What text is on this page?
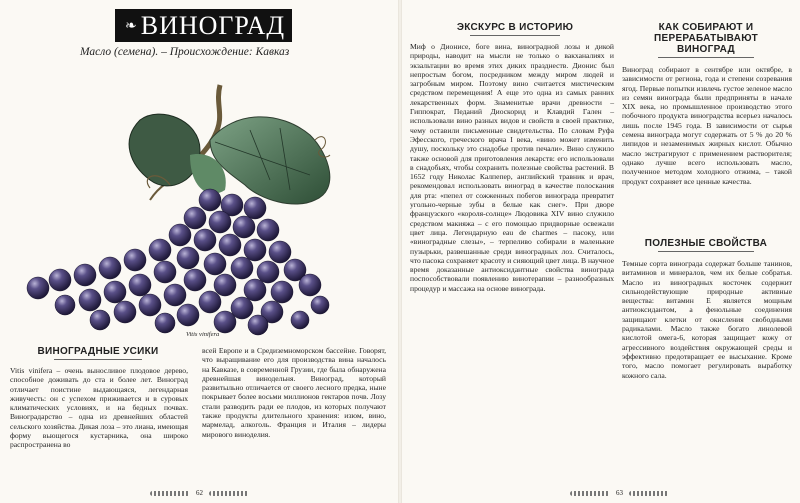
❧ ВИНОГРАД
Масло (семена). – Происхождение: Кавказ
Vitis vinifera
ВИНОГРАДНЫЕ УСИКИ

Vitis vinifera – очень выносливое плодовое дерево, способное доживать до ста и более лет. Виноград отличает поистине выдающаяся, легендарная живучесть: он с успехом приживается и в суровых климатических условиях, и на бедных почвах. Виноградарство – одна из древнейших областей сельского хозяйства. Дикая лоза – это лиана, имеющая форму вьющегося кустарника, она широко распространена во

всей Европе и в Средиземноморском бассейне. Говорят, что выращивание его для производства вина началось на Кавказе, в современной Грузии, где была обнаружена древнейшая винодельня. Виноград, который развитыльно отличается от своего лесного предка, ныне покрывает более восьми миллионов гектаров почв. Лозу стали разводить ради ее плодов, из которых получают также продукты длительного хранения: изюм, вино, мармелад, алкоголь. Франция и Италия – лидеры мирового виноделия.

62
ЭКСКУРС В ИСТОРИЮ

Миф о Дионисе, боге вина, виноградной лозы и дикой природы, наводит на мысли не только о вакханалиях и экзальтации во время этих диких празднеств. Дионис был непростым богом, посредником между миром людей и загробным миром. Поэтому вино считается мистическим средством перемещения! А еще это одна из самых ранних лекарственных форм. Знаменитые врачи древности – Гиппократ, Педаний Диоскорид и Клавдий Гален – использовали вино разных видов и свойств в своей практике, чему оставили письменные свидетельства. По словам Руфа Эфесского, греческого врача I века, «вино может изменить душу, поскольку это снадобье против печали». Вино служило также основой для приготовления лекарств: его использовали в снадобьях, чтобы сохранить полезные свойства растений. В 1652 году Николас Калпепер, английский травник и врач, рекомендовал использовать виноград в качестве полоскания для рта: «пепел от сожженных побегов винограда превратит угольно-черные зубы в белые как снег». При дворе французского «короля-солнце» Людовика XIV вино служило средством макияжа – с его помощью придворные освежали цвет лица. Легендарную eau de charmes – пасоку, или «виноградные слезы», – терпеливо собирали в маленькие пузырьки, развешанные среди виноградных лоз. Считалось, что пасока сохраняет красоту и сияющий цвет лица. В научное время доказанные антиоксидантные свойства винограда поспособствовали появлению винотерапии – разнообразных процедур и массажа на основе винограда.

КАК СОБИРАЮТ И ПЕРЕРАБАТЫВАЮТ ВИНОГРАД

Виноград собирают в сентябре или октябре, в зависимости от региона, года и степени созревания ягод. Первые попытки извлечь густое зеленое масло из семян винограда были предприняты в начале XIX века, но промышленное производство этого побочного продукта виноградства всерьез началось лишь после 1945 года. В зависимости от сырья семена винограда могут содержать от 5 % до 20 % липидов и незаменимых жирных кислот. Обычно масло экстрагируют с применением растворителя; однако лучше всего использовать масло, полученное методом холодного отжима, – такой продукт сохраняет все ценные качества.

ПОЛЕЗНЫЕ СВОЙСТВА

Темные сорта винограда содержат больше танинов, витаминов и минералов, чем их белые собратья. Масло из виноградных косточек содержит сильнодействующие природные активные вещества: витамин Е является мощным антиоксидантом, а фенольные соединения защищают клетки от окисления свободными радикалами. Масло также богато линолевой кислотой омега-6, которая защищает кожу от агрессивного воздействия окружающей среды и эффективно предотвращает ее высыхание. Кроме того, масло помогает регулировать выработку кожного сала.

63
